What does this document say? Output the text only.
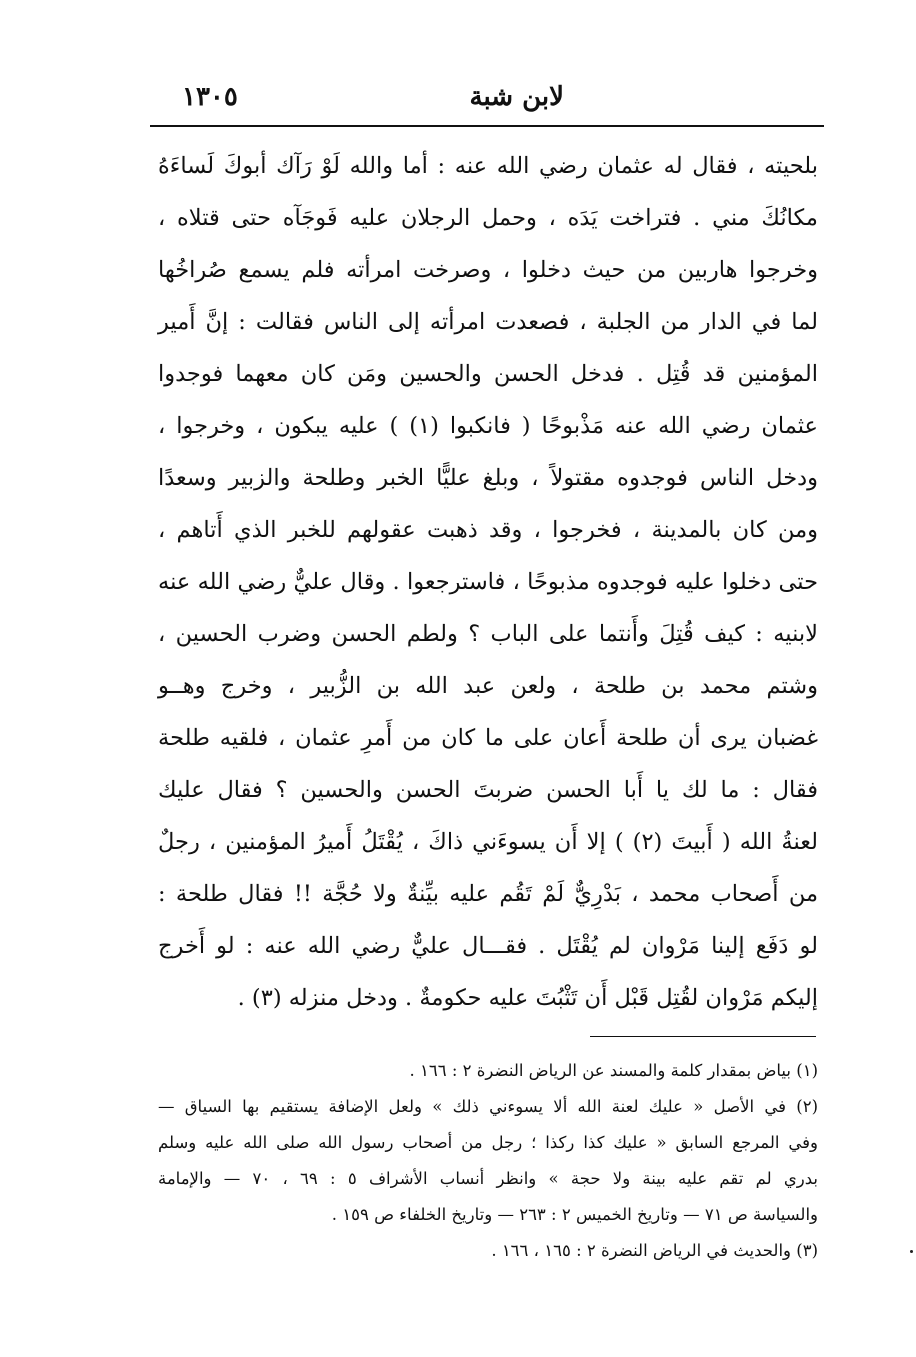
لابن شبة
١٣٠٥
بلحيته ، فقال له عثمان رضي الله عنه : أما والله لَوْ رَآك أبوكَ لَساءَهُ
مكانُكَ مني . فتراخت يَدَه ، وحمل الرجلان عليه فَوجَآه حتى قتلاه ،
وخرجوا هاربين من حيث دخلوا ، وصرخت امرأته فلم يسمع صُراخُها
لما في الدار من الجلبة ، فصعدت امرأته إلى الناس فقالت : إنَّ أَمير
المؤمنين قد قُتِل . فدخل الحسن والحسين ومَن كان معهما فوجدوا
عثمان رضي الله عنه مَذْبوحًا ( فانكبوا (١) ) عليه يبكون ، وخرجوا ،
ودخل الناس فوجدوه مقتولاً ، وبلغ عليًّا الخبر وطلحة والزبير وسعدًا
ومن كان بالمدينة ، فخرجوا ، وقد ذهبت عقولهم للخبر الذي أَتاهم ،
حتى دخلوا عليه فوجدوه مذبوحًا ، فاسترجعوا . وقال عليٌّ رضي الله عنه
لابنيه : كيف قُتِلَ وأَنتما على الباب ؟ ولطم الحسن وضرب الحسين ،
وشتم محمد بن طلحة ، ولعن عبد الله بن الزُّبير ، وخرج وهــو
غضبان يرى أن طلحة أَعان على ما كان من أَمرِ عثمان ، فلقيه طلحة
فقال : ما لك يا أَبا الحسن ضربتَ الحسن والحسين ؟ فقال عليك
لعنةُ الله ( أَبيتَ (٢) ) إلا أَن يسوءَني ذاكَ ، يُقْتَلُ أَميرُ المؤمنين ، رجلٌ
من أَصحاب محمد ، بَدْرِيٌّ لَمْ تَقُم عليه بيِّنةٌ ولا حُجَّة !! فقال طلحة :
لو دَفَع إلينا مَرْوان لم يُقْتَل . فقـــال عليٌّ رضي الله عنه : لو أَخرج
إليكم مَرْوان لقُتِل قَبْل أَن تَثْبُتَ عليه حكومةٌ . ودخل منزله (٣) .
(١) بياض بمقدار كلمة والمسند عن الرياض النضرة ٢ : ١٦٦ .
(٢) في الأصل « عليك لعنة الله ألا يسوءني ذلك » ولعل الإضافة يستقيم بها السياق —
وفي المرجع السابق « عليك كذا ركذا ؛ رجل من أصحاب رسول الله صلى الله عليه وسلم
بدري لم تقم عليه بينة ولا حجة » وانظر أنساب الأشراف ٥ : ٦٩ ، ٧٠ — والإمامة
والسياسة ص ٧١ — وتاريخ الخميس ٢ : ٢٦٣ — وتاريخ الخلفاء ص ١٥٩ .
(٣) والحديث في الرياض النضرة ٢ : ١٦٥ ، ١٦٦ .
